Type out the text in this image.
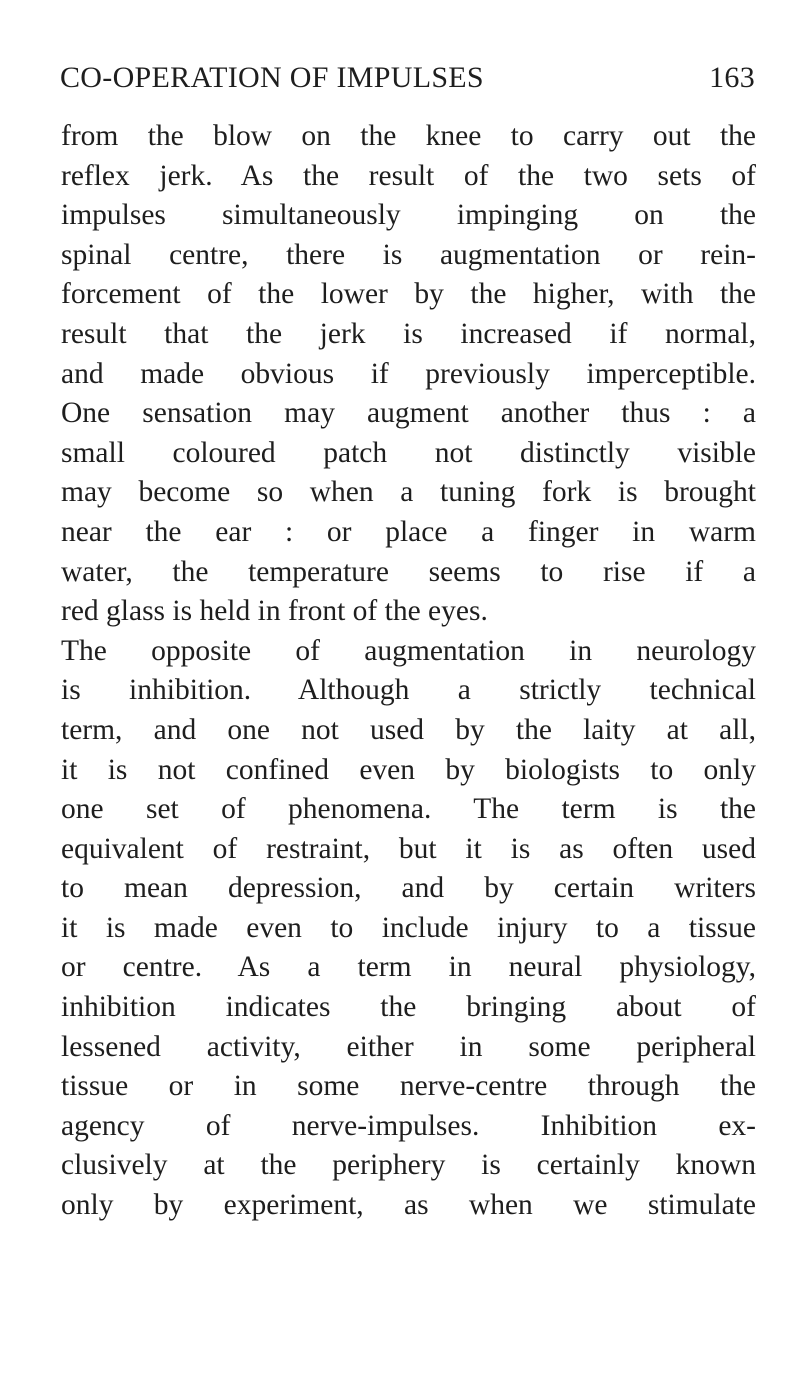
CO-OPERATION OF IMPULSES	163
from the blow on the knee to carry out the
reflex jerk. As the result of the two sets of
impulses simultaneously impinging on the
spinal centre, there is augmentation or rein-
forcement of the lower by the higher, with the
result that the jerk is increased if normal,
and made obvious if previously imperceptible.
One sensation may augment another thus : a
small coloured patch not distinctly visible
may become so when a tuning fork is brought
near the ear : or place a finger in warm
water, the temperature seems to rise if a
red glass is held in front of the eyes.
The opposite of augmentation in neurology
is inhibition. Although a strictly technical
term, and one not used by the laity at all,
it is not confined even by biologists to only
one set of phenomena. The term is the
equivalent of restraint, but it is as often used
to mean depression, and by certain writers
it is made even to include injury to a tissue
or centre. As a term in neural physiology,
inhibition indicates the bringing about of
lessened activity, either in some peripheral
tissue or in some nerve-centre through the
agency of nerve-impulses. Inhibition ex-
clusively at the periphery is certainly known
only by experiment, as when we stimulate
